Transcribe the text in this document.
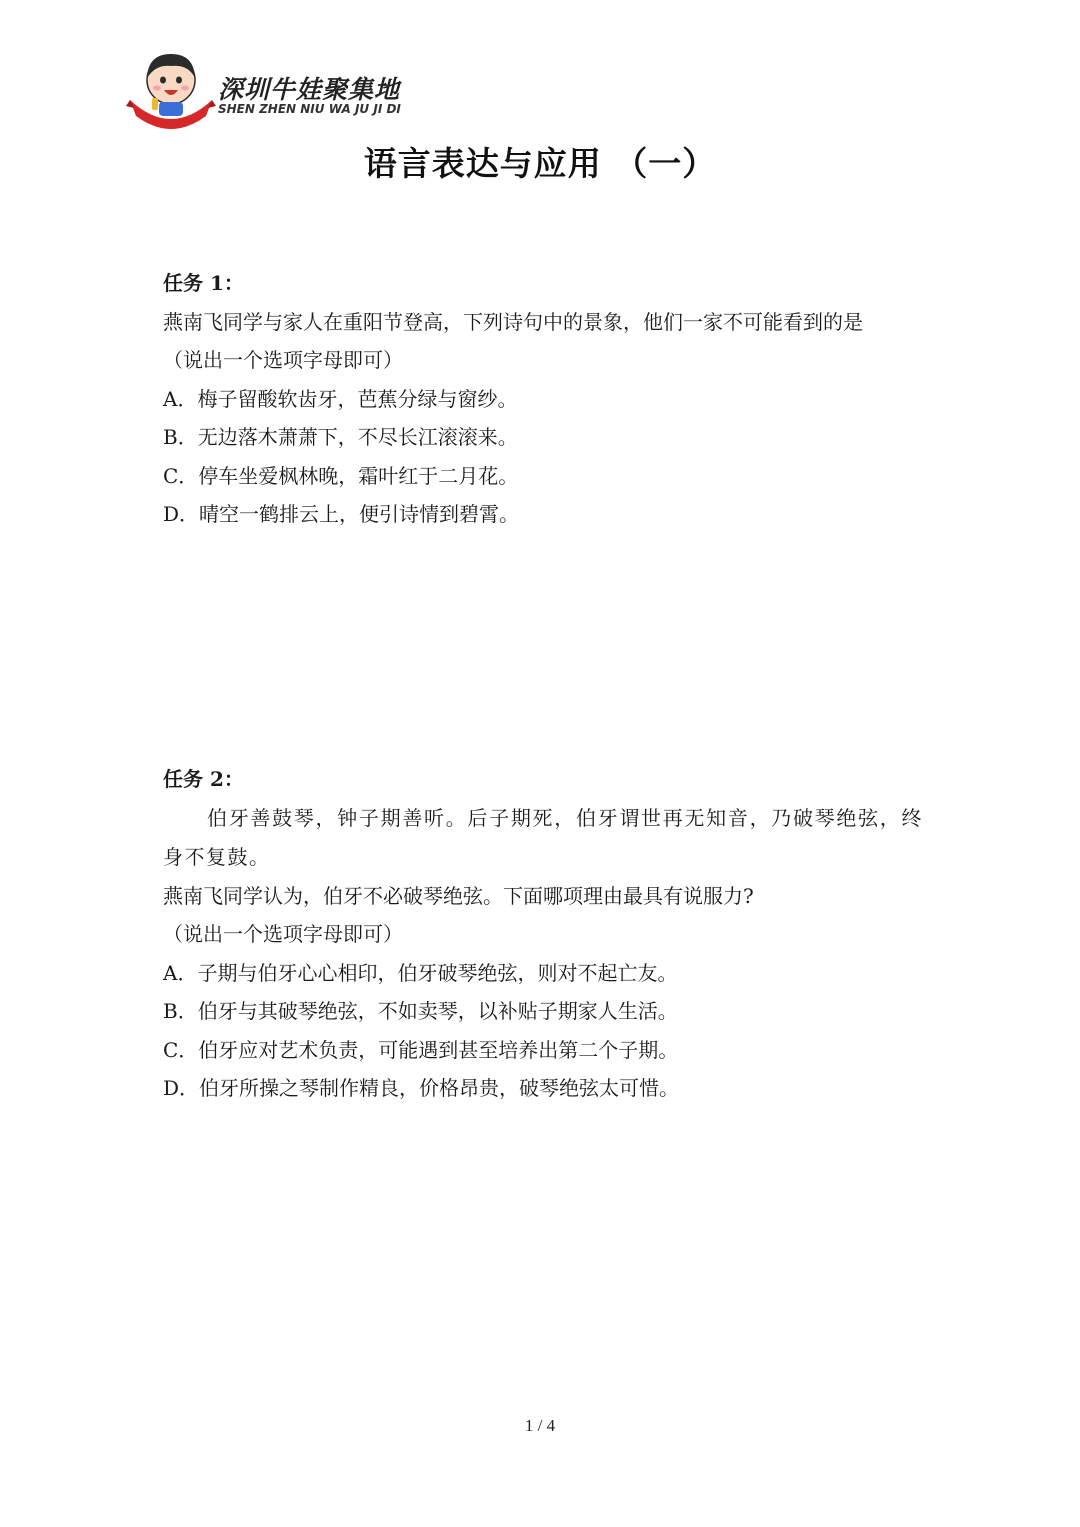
深圳牛娃聚集地
SHEN ZHEN NIU WA JU JI DI
语言表达与应用 （一）
任务 1：
燕南飞同学与家人在重阳节登高，下列诗句中的景象，他们一家不可能看到的是
（说出一个选项字母即可）
A．梅子留酸软齿牙，芭蕉分绿与窗纱。
B．无边落木萧萧下，不尽长江滚滚来。
C．停车坐爱枫林晚，霜叶红于二月花。
D．晴空一鹤排云上，便引诗情到碧霄。
任务 2：
伯牙善鼓琴，钟子期善听。后子期死，伯牙谓世再无知音，乃破琴绝弦，终身不复鼓。
燕南飞同学认为，伯牙不必破琴绝弦。下面哪项理由最具有说服力?
（说出一个选项字母即可）
A．子期与伯牙心心相印，伯牙破琴绝弦，则对不起亡友。
B．伯牙与其破琴绝弦，不如卖琴，以补贴子期家人生活。
C．伯牙应对艺术负责，可能遇到甚至培养出第二个子期。
D．伯牙所操之琴制作精良，价格昂贵，破琴绝弦太可惜。
1 / 4
